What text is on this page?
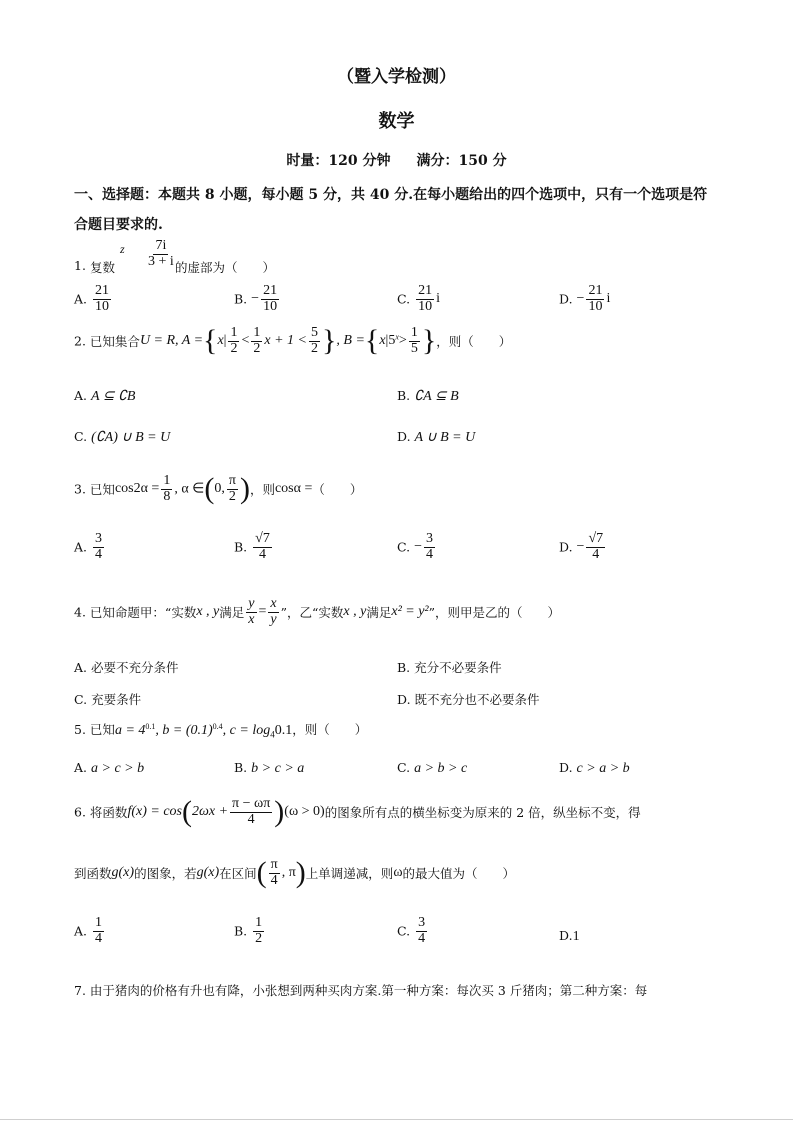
（暨入学检测）
数学
时量：120 分钟 满分：150 分
一、选择题：本题共 8 小题，每小题 5 分，共 40 分.在每小题给出的四个选项中，只有一个选项是符合题目要求的.
1. 复数
z $\frac{7i}{3 + i}$ 的虚部为（　　）
A. $\frac{21}{10}$	B. − $\frac{21}{10}$	C. $\frac{21}{10}$ i	D. − $\frac{21}{10}$ i
2. 已知集合U = R, $A =\{x| \frac{1}{2} < \frac{1}{2}$ $x + 1 < \frac{5}{2}$ }, $B =\{x|5^x> \frac{1}{5}$ }，则（　　）
A. A ⊆ ∁B	B. ∁A ⊆ B
C. (∁A) ∪ B = U	D. A ∪ B = U
3. 已知$\cos 2\alpha = \frac{1}{8}$ , α ∈(0, $\frac{\pi}{2}$ )，则cosα =（　　）
A. $\frac{3}{4}$	B. $\frac{√7}{4}$	C. − $\frac{3}{4}$	D. − $\frac{√7}{4}$
4. 已知命题甲：“实数x , y满足 $\frac{y}{x} = \frac{x}{y}$ ”，乙“实数x , y满足x² = y²”，则甲是乙的（　　）
A. 必要不充分条件	B. 充分不必要条件
C. 充要条件	D. 既不充分也不必要条件
5. 已知$a = 4^{0.1}$, $b = (0.1)^{0.4}$, $c = \log_40.1$，则（　　）
A. a > c > b	B. b > c > a	C. a > b > c	D. c > a > b
6. 将函数$f(x) = \cos(2\omega x + \frac{\pi - \omega\pi}{4} )(\omega > 0)$的图象所有点的横坐标变为原来的 2 倍，纵坐标不变，得
到函数g(x)的图象，若g(x)在区间( $\frac{\pi}{4}$ , π)上单调递减，则ω的最大值为（　　）
A. $\frac{1}{4}$	B. $\frac{1}{2}$	C. $\frac{3}{4}$	D.1
7. 由于猪肉的价格有升也有降，小张想到两种买肉方案.第一种方案：每次买 3 斤猪肉；第二种方案：每
